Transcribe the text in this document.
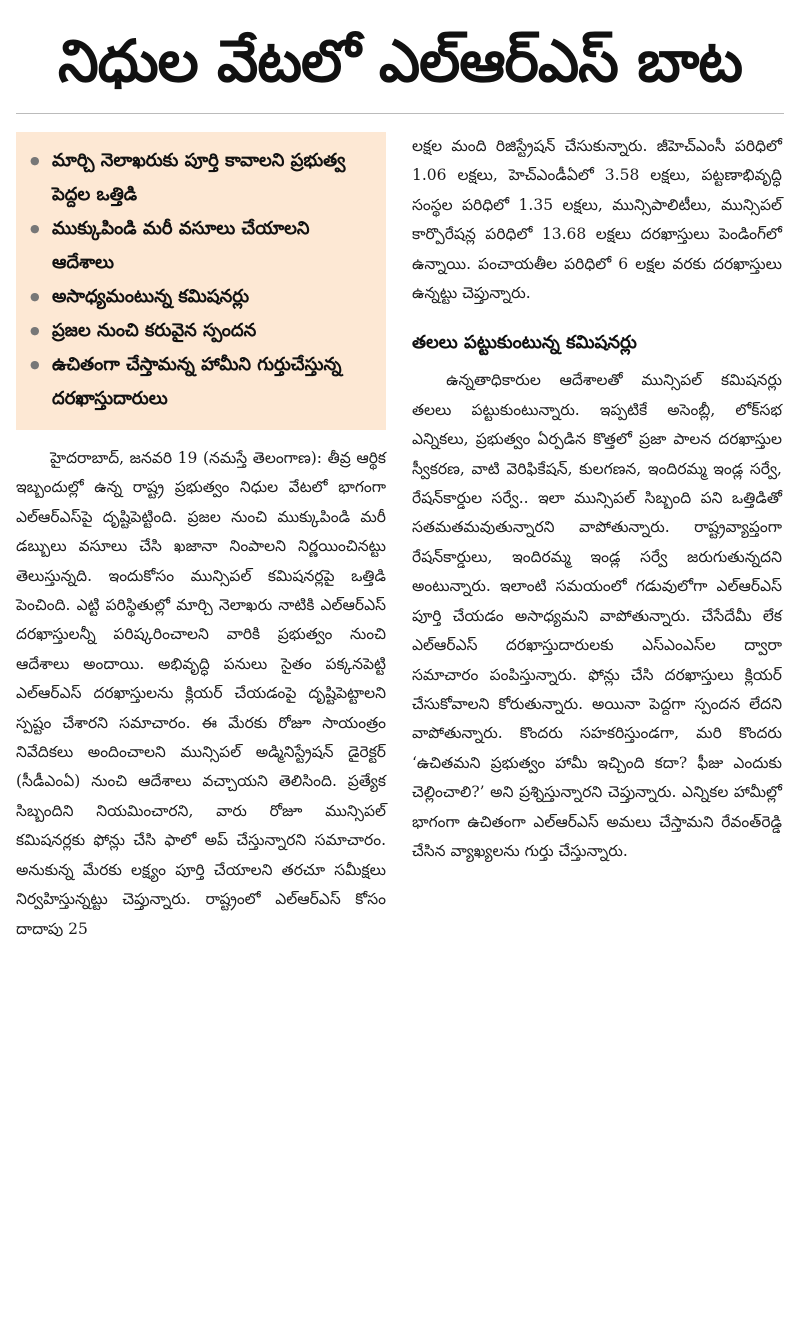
నిధుల వేటలో ఎల్‌ఆర్‌ఎస్‌ బాట
● మార్చి నెలాఖరుకు పూర్తి కావాలని ప్రభుత్వ పెద్దల ఒత్తిడి
● ముక్కుపిండి మరీ వసూలు చేయాలని ఆదేశాలు
● అసాధ్యమంటున్న కమిషనర్లు
● ప్రజల నుంచి కరువైన స్పందన
● ఉచితంగా చేస్తామన్న హామీని గుర్తుచేస్తున్న దరఖాస్తుదారులు

హైదరాబాద్‌, జనవరి 19 (నమస్తే తెలంగాణ): తీవ్ర ఆర్థిక ఇబ్బందుల్లో ఉన్న రాష్ట్ర ప్రభుత్వం నిధుల వేటలో భాగంగా ఎల్‌ఆర్‌ఎస్‌పై దృష్టిపెట్టింది. ప్రజల నుంచి ముక్కుపిండి మరీ డబ్బులు వసూలు చేసి ఖజానా నింపాలని నిర్ణయించినట్టు తెలుస్తున్నది. ఇందుకోసం మున్సిపల్‌ కమిషనర్లపై ఒత్తిడి పెంచింది. ఎట్టి పరిస్థితుల్లో మార్చి నెలాఖరు నాటికి ఎల్‌ఆర్‌ఎస్‌ దరఖాస్తులన్నీ పరిష్కరించాలని వారికి ప్రభుత్వం నుంచి ఆదేశాలు అందాయి. అభివృద్ధి పనులు సైతం పక్కనపెట్టి ఎల్‌ఆర్‌ఎస్‌ దరఖాస్తులను క్లియర్‌ చేయడంపై దృష్టిపెట్టాలని స్పష్టం చేశారని సమాచారం. ఈ మేరకు రోజూ సాయంత్రం నివేదికలు అందించాలని మున్సిపల్‌ అడ్మినిస్ట్రేషన్‌ డైరెక్టర్‌ (సీడీఎంఏ) నుంచి ఆదేశాలు వచ్చాయని తెలిసింది. ప్రత్యేక సిబ్బందిని నియమించారని, వారు రోజూ మున్సిపల్‌ కమిషనర్లకు ఫోన్లు చేసి ఫాలో అప్‌ చేస్తున్నారని సమాచారం. అనుకున్న మేరకు లక్ష్యం పూర్తి చేయాలని తరచూ సమీక్షలు నిర్వహిస్తున్నట్టు చెప్తున్నారు. రాష్ట్రంలో ఎల్‌ఆర్‌ఎస్‌ కోసం దాదాపు 25

లక్షల మంది రిజిస్ట్రేషన్‌ చేసుకున్నారు. జీహెచ్‌ఎంసీ పరిధిలో 1.06 లక్షలు, హెచ్‌ఎండీఏలో 3.58 లక్షలు, పట్టణాభివృద్ధి సంస్థల పరిధిలో 1.35 లక్షలు, మున్సిపాలిటీలు, మున్సిపల్‌ కార్పొరేషన్ల పరిధిలో 13.68 లక్షలు దరఖాస్తులు పెండింగ్‌లో ఉన్నాయి. పంచాయతీల పరిధిలో 6 లక్షల వరకు దరఖాస్తులు ఉన్నట్టు చెప్తున్నారు.

తలలు పట్టుకుంటున్న కమిషనర్లు

ఉన్నతాధికారుల ఆదేశాలతో మున్సిపల్‌ కమిషనర్లు తలలు పట్టుకుంటున్నారు. ఇప్పటికే అసెంబ్లీ, లోక్‌సభ ఎన్నికలు, ప్రభుత్వం ఏర్పడిన కొత్తలో ప్రజా పాలన దరఖాస్తుల స్వీకరణ, వాటి వెరిఫికేషన్‌, కులగణన, ఇందిరమ్మ ఇండ్ల సర్వే, రేషన్‌కార్డుల సర్వే.. ఇలా మున్సిపల్‌ సిబ్బంది పని ఒత్తిడితో సతమతమవుతున్నారని వాపోతున్నారు. రాష్ట్రవ్యాప్తంగా రేషన్‌కార్డులు, ఇందిరమ్మ ఇండ్ల సర్వే జరుగుతున్నదని అంటున్నారు. ఇలాంటి సమయంలో గడువులోగా ఎల్‌ఆర్‌ఎస్‌ పూర్తి చేయడం అసాధ్యమని వాపోతున్నారు. చేసేదేమీ లేక ఎల్‌ఆర్‌ఎస్‌ దరఖాస్తుదారులకు ఎస్‌ఎంఎస్‌ల ద్వారా సమాచారం పంపిస్తున్నారు. ఫోన్లు చేసి దరఖాస్తులు క్లియర్‌ చేసుకోవాలని కోరుతున్నారు. అయినా పెద్దగా స్పందన లేదని వాపోతున్నారు. కొందరు సహకరిస్తుండగా, మరి కొందరు ‘ఉచితమని ప్రభుత్వం హామీ ఇచ్చింది కదా? ఫీజు ఎందుకు చెల్లించాలి?’ అని ప్రశ్నిస్తున్నారని చెప్తున్నారు. ఎన్నికల హామీల్లో భాగంగా ఉచితంగా ఎల్‌ఆర్‌ఎస్‌ అమలు చేస్తామని రేవంత్‌రెడ్డి చేసిన వ్యాఖ్యలను గుర్తు చేస్తున్నారు.
